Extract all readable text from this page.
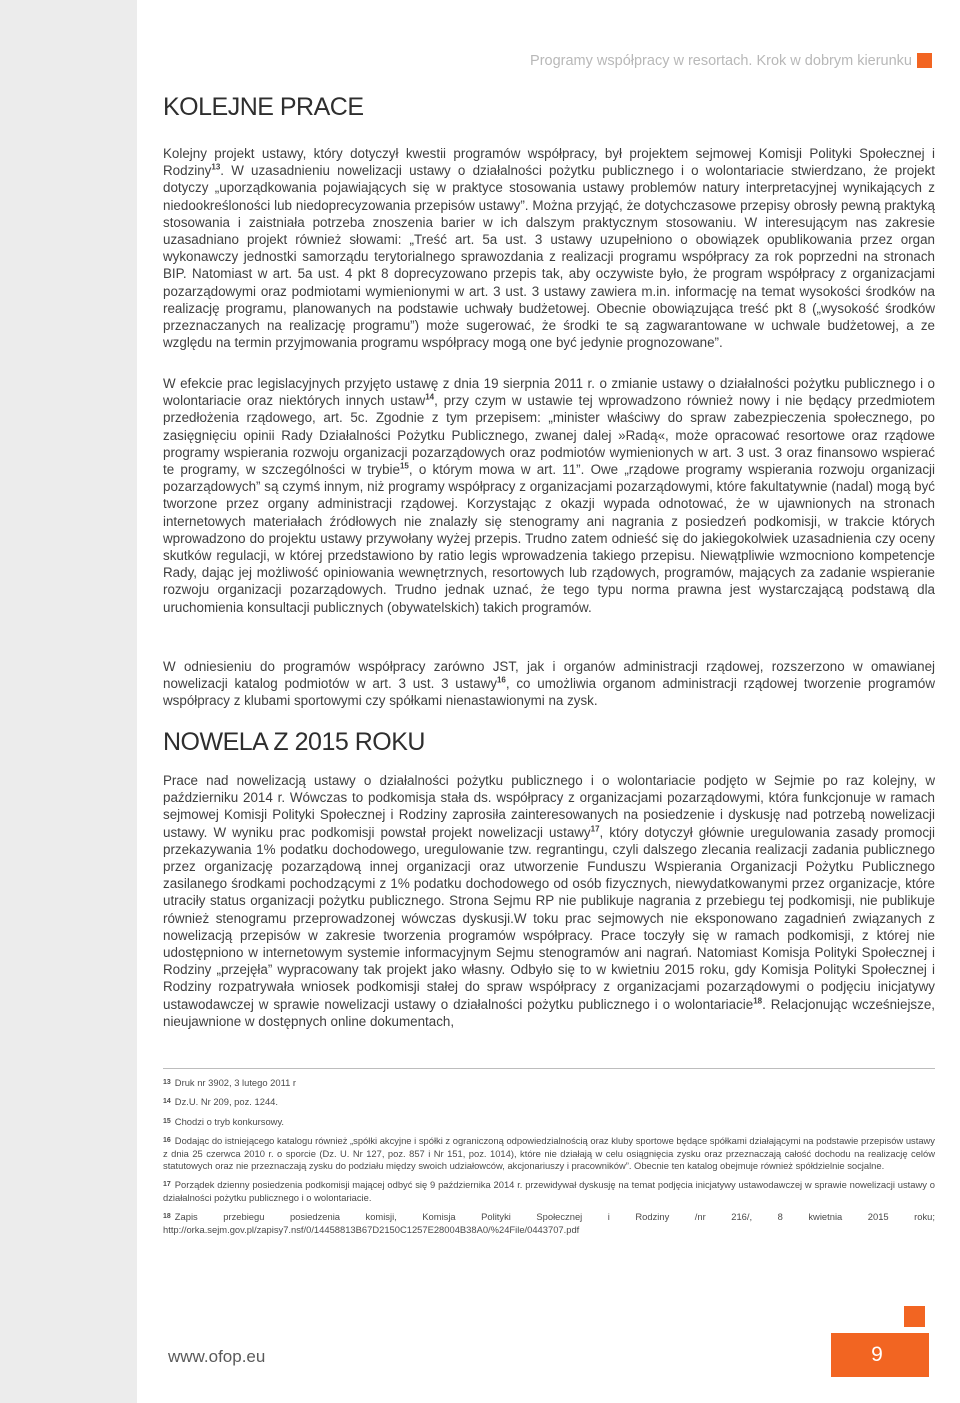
Programy współpracy w resortach. Krok w dobrym kierunku
KOLEJNE PRACE

Kolejny projekt ustawy, który dotyczył kwestii programów współpracy, był projektem sejmowej Komisji Polityki Społecznej i Rodziny$^{13}$. W uzasadnieniu nowelizacji ustawy o działalności pożytku publicznego i o wolontariacie stwierdzano, że projekt dotyczy „uporządkowania pojawiających się w praktyce stosowania ustawy problemów natury interpretacyjnej wynikających z niedookreśloności lub niedoprecyzowania przepisów ustawy”. Można przyjąć, że dotychczasowe przepisy obrosły pewną praktyką stosowania i zaistniała potrzeba znoszenia barier w ich dalszym praktycznym stosowaniu. W interesującym nas zakresie uzasadniano projekt również słowami: „Treść art. 5a ust. 3 ustawy uzupełniono o obowiązek opublikowania przez organ wykonawczy jednostki samorządu terytorialnego sprawozdania z realizacji programu współpracy za rok poprzedni na stronach BIP. Natomiast w art. 5a ust. 4 pkt 8 doprecyzowano przepis tak, aby oczywiste było, że program współpracy z organizacjami pozarządowymi oraz podmiotami wymienionymi w art. 3 ust. 3 ustawy zawiera m.in. informację na temat wysokości środków na realizację programu, planowanych na podstawie uchwały budżetowej. Obecnie obowiązująca treść pkt 8 („wysokość środków przeznaczanych na realizację programu”) może sugerować, że środki te są zagwarantowane w uchwale budżetowej, a ze względu na termin przyjmowania programu współpracy mogą one być jedynie prognozowane”.

W efekcie prac legislacyjnych przyjęto ustawę z dnia 19 sierpnia 2011 r. o zmianie ustawy o działalności pożytku publicznego i o wolontariacie oraz niektórych innych ustaw$^{14}$, przy czym w ustawie tej wprowadzono również nowy i nie będący przedmiotem przedłożenia rządowego, art. 5c. Zgodnie z tym przepisem: „minister właściwy do spraw zabezpieczenia społecznego, po zasięgnięciu opinii Rady Działalności Pożytku Publicznego, zwanej dalej »Radą«, może opracować resortowe oraz rządowe programy wspierania rozwoju organizacji pozarządowych oraz podmiotów wymienionych w art. 3 ust. 3 oraz finansowo wspierać te programy, w szczególności w trybie$^{15}$, o którym mowa w art. 11”. Owe „rządowe programy wspierania rozwoju organizacji pozarządowych” są czymś innym, niż programy współpracy z organizacjami pozarządowymi, które fakultatywnie (nadal) mogą być tworzone przez organy administracji rządowej. Korzystając z okazji wypada odnotować, że w ujawnionych na stronach internetowych materiałach źródłowych nie znalazły się stenogramy ani nagrania z posiedzeń podkomisji, w trakcie których wprowadzono do projektu ustawy przywołany wyżej przepis. Trudno zatem odnieść się do jakiegokolwiek uzasadnienia czy oceny skutków regulacji, w której przedstawiono by ratio legis wprowadzenia takiego przepisu. Niewątpliwie wzmocniono kompetencje Rady, dając jej możliwość opiniowania wewnętrznych, resortowych lub rządowych, programów, mających za zadanie wspieranie rozwoju organizacji pozarządowych. Trudno jednak uznać, że tego typu norma prawna jest wystarczającą podstawą dla uruchomienia konsultacji publicznych (obywatelskich) takich programów.

W odniesieniu do programów współpracy zarówno JST, jak i organów administracji rządowej, rozszerzono w omawianej nowelizacji katalog podmiotów w art. 3 ust. 3 ustawy$^{16}$, co umożliwia organom administracji rządowej tworzenie programów współpracy z klubami sportowymi czy spółkami nienastawionymi na zysk.

NOWELA Z 2015 ROKU

Prace nad nowelizacją ustawy o działalności pożytku publicznego i o wolontariacie podjęto w Sejmie po raz kolejny, w październiku 2014 r. Wówczas to podkomisja stała ds. współpracy z organizacjami pozarządowymi, która funkcjonuje w ramach sejmowej Komisji Polityki Społecznej i Rodziny zaprosiła zainteresowanych na posiedzenie i dyskusję nad potrzebą nowelizacji ustawy. W wyniku prac podkomisji powstał projekt nowelizacji ustawy$^{17}$, który dotyczył głównie uregulowania zasady promocji przekazywania 1% podatku dochodowego, uregulowanie tzw. regrantingu, czyli dalszego zlecania realizacji zadania publicznego przez organizację pozarządową innej organizacji oraz utworzenie Funduszu Wspierania Organizacji Pożytku Publicznego zasilanego środkami pochodzącymi z 1% podatku dochodowego od osób fizycznych, niewydatkowanymi przez organizacje, które utraciły status organizacji pożytku publicznego. Strona Sejmu RP nie publikuje nagrania z przebiegu tej podkomisji, nie publikuje również stenogramu przeprowadzonej wówczas dyskusji.W toku prac sejmowych nie eksponowano zagadnień związanych z nowelizacją przepisów w zakresie tworzenia programów współpracy. Prace toczyły się w ramach podkomisji, z której nie udostępniono w internetowym systemie informacyjnym Sejmu stenogramów ani nagrań. Natomiast Komisja Polityki Społecznej i Rodziny „przejęła” wypracowany tak projekt jako własny. Odbyło się to w kwietniu 2015 roku, gdy Komisja Polityki Społecznej i Rodziny rozpatrywała wniosek podkomisji stałej do spraw współpracy z organizacjami pozarządowymi o podjęciu inicjatywy ustawodawczej w sprawie nowelizacji ustawy o działalności pożytku publicznego i o wolontariacie$^{18}$. Relacjonując wcześniejsze, nieujawnione w dostępnych online dokumentach,

$^{13}$ Druk nr 3902, 3 lutego 2011 r

$^{14}$ Dz.U. Nr 209, poz. 1244.

$^{15}$ Chodzi o tryb konkursowy.

$^{16}$ Dodając do istniejącego katalogu również „spółki akcyjne i spółki z ograniczoną odpowiedzialnością oraz kluby sportowe będące spółkami działającymi na podstawie przepisów ustawy z dnia 25 czerwca 2010 r. o sporcie (Dz. U. Nr 127, poz. 857 i Nr 151, poz. 1014), które nie działają w celu osiągnięcia zysku oraz przeznaczają całość dochodu na realizację celów statutowych oraz nie przeznaczają zysku do podziału między swoich udziałowców, akcjonariuszy i pracowników”. Obecnie ten katalog obejmuje również spółdzielnie socjalne.

$^{17}$ Porządek dzienny posiedzenia podkomisji mającej odbyć się 9 października 2014 r. przewidywał dyskusję na temat podjęcia inicjatywy ustawodawczej w sprawie nowelizacji ustawy o działalności pożytku publicznego i o wolontariacie.

$^{18}$ Zapis przebiegu posiedzenia komisji, Komisja Polityki Społecznej i Rodziny /nr 216/, 8 kwietnia 2015 roku; http://orka.sejm.gov.pl/zapisy7.nsf/0/14458813B67D2150C1257E28004B38A0/%24File/0443707.pdf

www.ofop.eu	9
